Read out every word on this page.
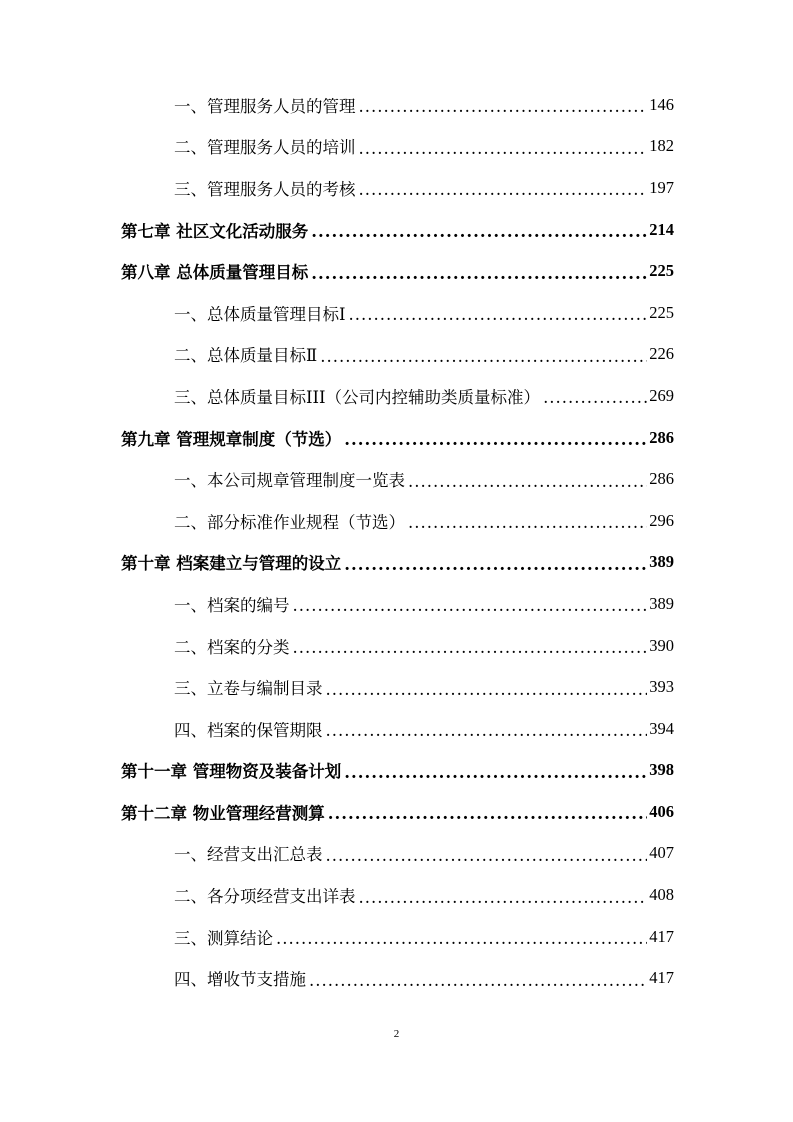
一、管理服务人员的管理 .....	146
二、管理服务人员的培训 .....	182
三、管理服务人员的考核 .....	197
第七章 社区文化活动服务 .....	214
第八章 总体质量管理目标 .....	225
一、总体质量管理目标Ⅰ .....	225
二、总体质量目标Ⅱ .....	226
三、总体质量目标III（公司内控辅助类质量标准） .....	269
第九章 管理规章制度（节选） .....	286
一、本公司规章管理制度一览表 .....	286
二、部分标准作业规程（节选） .....	296
第十章 档案建立与管理的设立 .....	389
一、档案的编号 .....	389
二、档案的分类 .....	390
三、立卷与编制目录 .....	393
四、档案的保管期限 .....	394
第十一章 管理物资及装备计划 .....	398
第十二章 物业管理经营测算 .....	406
一、经营支出汇总表 .....	407
二、各分项经营支出详表 .....	408
三、测算结论 .....	417
四、增收节支措施 .....	417
2
